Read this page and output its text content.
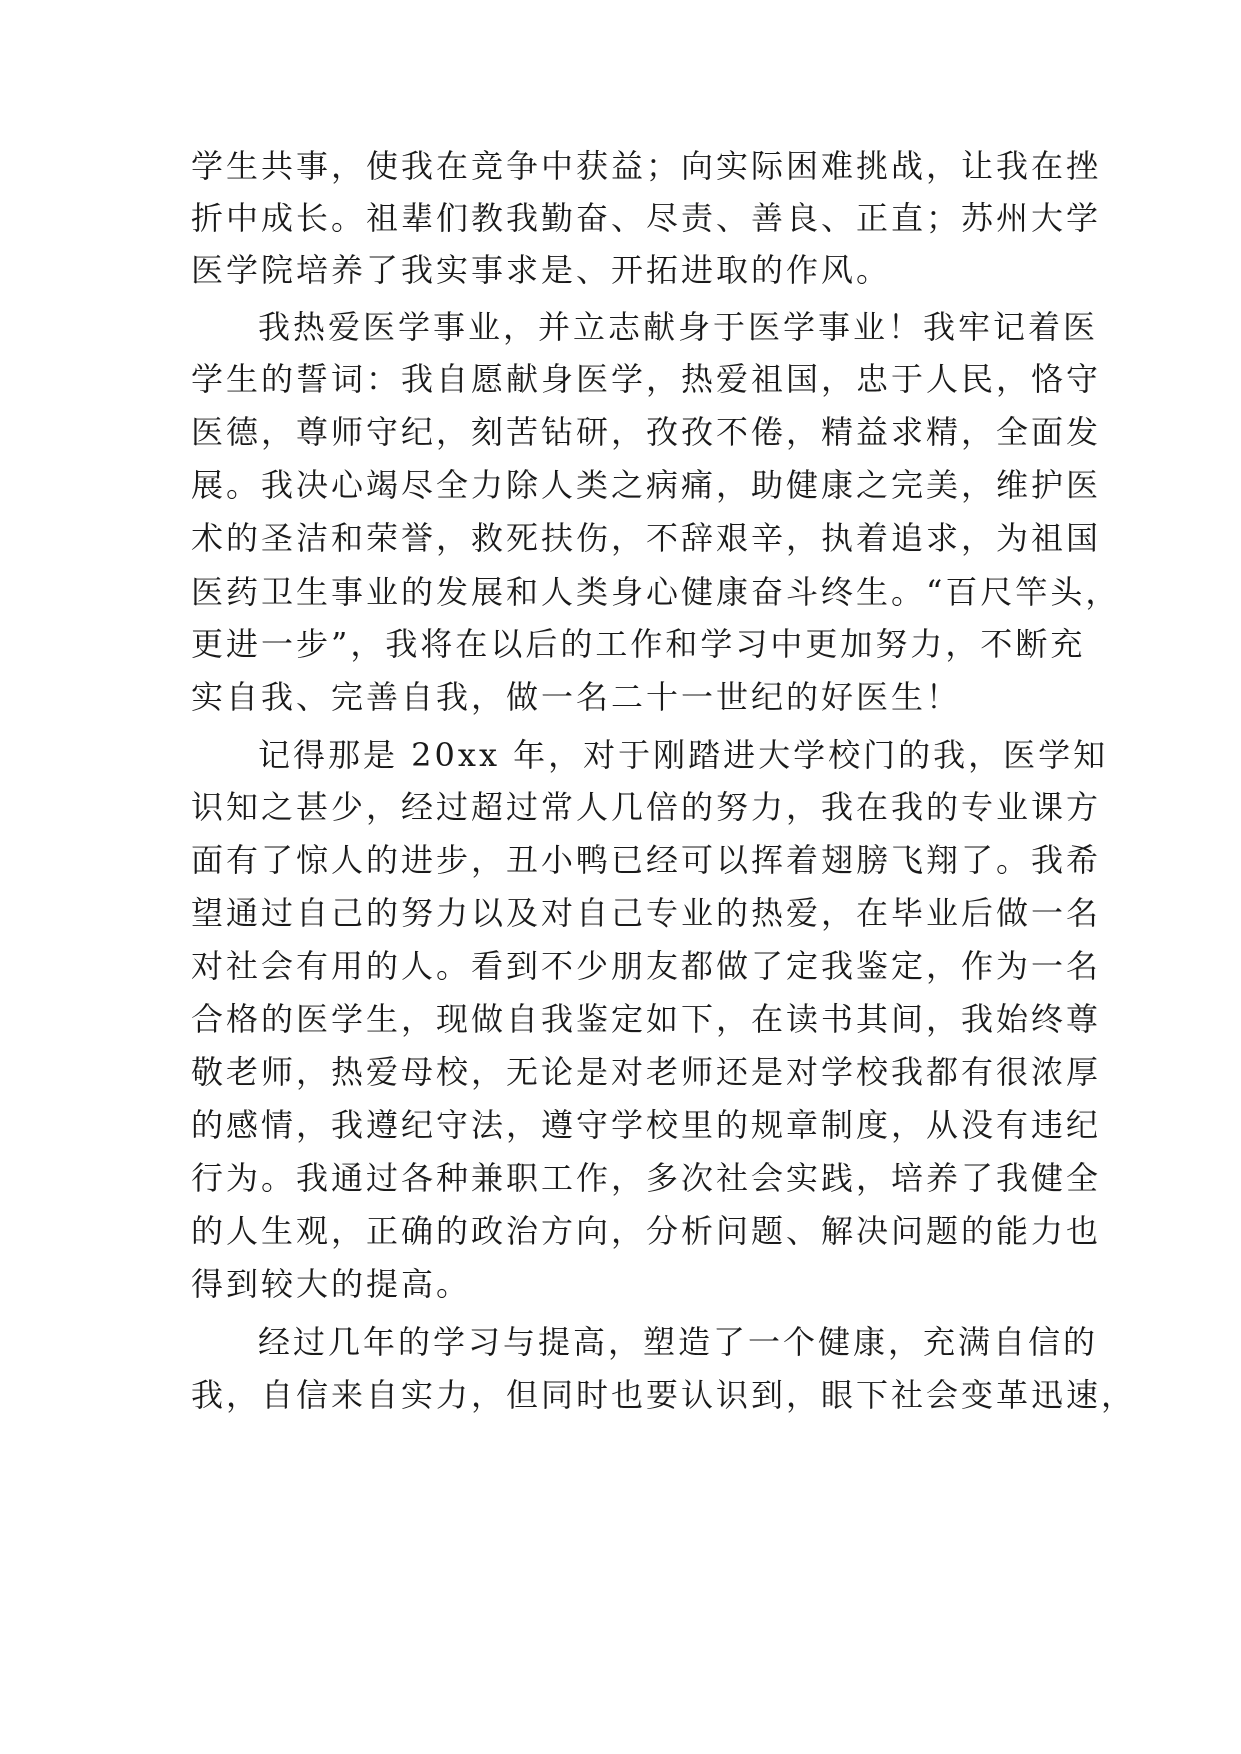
学生共事，使我在竞争中获益；向实际困难挑战，让我在挫
折中成长。祖辈们教我勤奋、尽责、善良、正直；苏州大学
医学院培养了我实事求是、开拓进取的作风。
我热爱医学事业，并立志献身于医学事业！我牢记着医
学生的誓词：我自愿献身医学，热爱祖国，忠于人民，恪守
医德，尊师守纪，刻苦钻研，孜孜不倦，精益求精，全面发
展。我决心竭尽全力除人类之病痛，助健康之完美，维护医
术的圣洁和荣誉，救死扶伤，不辞艰辛，执着追求，为祖国
医药卫生事业的发展和人类身心健康奋斗终生。“百尺竿头，
更进一步”，我将在以后的工作和学习中更加努力，不断充
实自我、完善自我，做一名二十一世纪的好医生！
记得那是 20xx 年，对于刚踏进大学校门的我，医学知
识知之甚少，经过超过常人几倍的努力，我在我的专业课方
面有了惊人的进步，丑小鸭已经可以挥着翅膀飞翔了。我希
望通过自己的努力以及对自己专业的热爱，在毕业后做一名
对社会有用的人。看到不少朋友都做了定我鉴定，作为一名
合格的医学生，现做自我鉴定如下，在读书其间，我始终尊
敬老师，热爱母校，无论是对老师还是对学校我都有很浓厚
的感情，我遵纪守法，遵守学校里的规章制度，从没有违纪
行为。我通过各种兼职工作，多次社会实践，培养了我健全
的人生观，正确的政治方向，分析问题、解决问题的能力也
得到较大的提高。
经过几年的学习与提高，塑造了一个健康，充满自信的
我，自信来自实力，但同时也要认识到，眼下社会变革迅速，
